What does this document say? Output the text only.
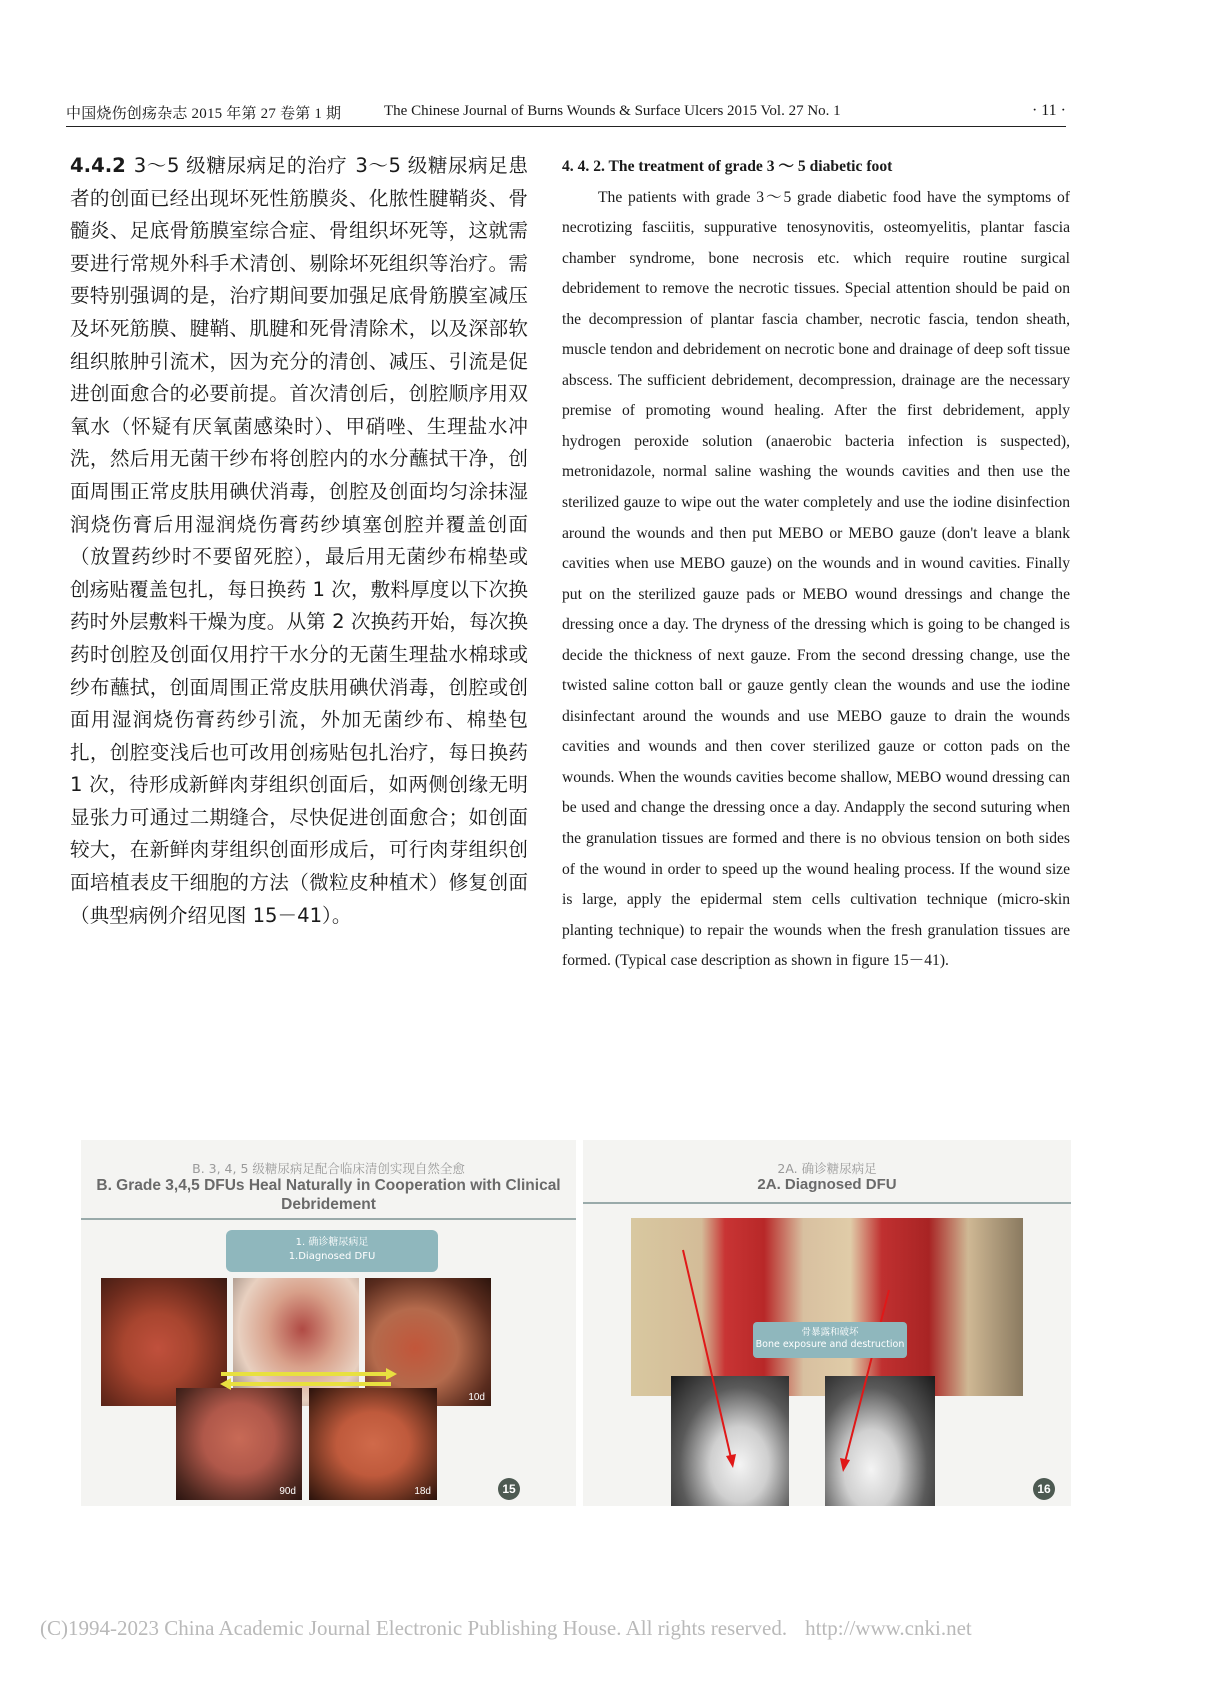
中国烧伤创疡杂志 2015 年第 27 卷第 1 期	The Chinese Journal of Burns Wounds & Surface Ulcers 2015 Vol. 27 No. 1	· 11 ·
4.4.2 3～5 级糖尿病足的治疗 3～5 级糖尿病足患者的创面已经出现坏死性筋膜炎、化脓性腱鞘炎、骨髓炎、足底骨筋膜室综合症、骨组织坏死等，这就需要进行常规外科手术清创、剔除坏死组织等治疗。需要特别强调的是，治疗期间要加强足底骨筋膜室减压及坏死筋膜、腱鞘、肌腱和死骨清除术，以及深部软组织脓肿引流术，因为充分的清创、减压、引流是促进创面愈合的必要前提。首次清创后，创腔顺序用双氧水（怀疑有厌氧菌感染时）、甲硝唑、生理盐水冲洗，然后用无菌干纱布将创腔内的水分蘸拭干净，创面周围正常皮肤用碘伏消毒，创腔及创面均匀涂抹湿润烧伤膏后用湿润烧伤膏药纱填塞创腔并覆盖创面（放置药纱时不要留死腔），最后用无菌纱布棉垫或创疡贴覆盖包扎，每日换药 1 次，敷料厚度以下次换药时外层敷料干燥为度。从第 2 次换药开始，每次换药时创腔及创面仅用拧干水分的无菌生理盐水棉球或纱布蘸拭，创面周围正常皮肤用碘伏消毒，创腔或创面用湿润烧伤膏药纱引流，外加无菌纱布、棉垫包扎，创腔变浅后也可改用创疡贴包扎治疗，每日换药 1 次，待形成新鲜肉芽组织创面后，如两侧创缘无明显张力可通过二期缝合，尽快促进创面愈合；如创面较大，在新鲜肉芽组织创面形成后，可行肉芽组织创面培植表皮干细胞的方法（微粒皮种植术）修复创面（典型病例介绍见图 15－41）。

4. 4. 2. The treatment of grade 3 ～ 5 diabetic foot

The patients with grade 3～5 grade diabetic food have the symptoms of necrotizing fasciitis, suppurative tenosynovitis, osteomyelitis, plantar fascia chamber syndrome, bone necrosis etc. which require routine surgical debridement to remove the necrotic tissues. Special attention should be paid on the decompression of plantar fascia chamber, necrotic fascia, tendon sheath, muscle tendon and debridement on necrotic bone and drainage of deep soft tissue abscess. The sufficient debridement, decompression, drainage are the necessary premise of promoting wound healing. After the first debridement, apply hydrogen peroxide solution (anaerobic bacteria infection is suspected), metronidazole, normal saline washing the wounds cavities and then use the sterilized gauze to wipe out the water completely and use the iodine disinfection around the wounds and then put MEBO or MEBO gauze (don't leave a blank cavities when use MEBO gauze) on the wounds and in wound cavities. Finally put on the sterilized gauze pads or MEBO wound dressings and change the dressing once a day. The dryness of the dressing which is going to be changed is decide the thickness of next gauze. From the second dressing change, use the twisted saline cotton ball or gauze gently clean the wounds and use the iodine disinfectant around the wounds and use MEBO gauze to drain the wounds cavities and wounds and then cover sterilized gauze or cotton pads on the wounds. When the wounds cavities become shallow, MEBO wound dressing can be used and change the dressing once a day. Andapply the second suturing when the granulation tissues are formed and there is no obvious tension on both sides of the wound in order to speed up the wound healing process. If the wound size is large, apply the epidermal stem cells cultivation technique (micro-skin planting technique) to repair the wounds when the fresh granulation tissues are formed. (Typical case description as shown in figure 15－41).

B. 3, 4, 5 级糖尿病足配合临床清创实现自然全愈
B. Grade 3,4,5 DFUs Heal Naturally in Cooperation with Clinical Debridement
1. 确诊糖尿病足
1.Diagnosed DFU
10d
90d	18d	15
2A. 确诊糖尿病足
2A. Diagnosed DFU
骨暴露和破坏
Bone exposure and destruction
16
(C)1994-2023 China Academic Journal Electronic Publishing House. All rights reserved. http://www.cnki.net
